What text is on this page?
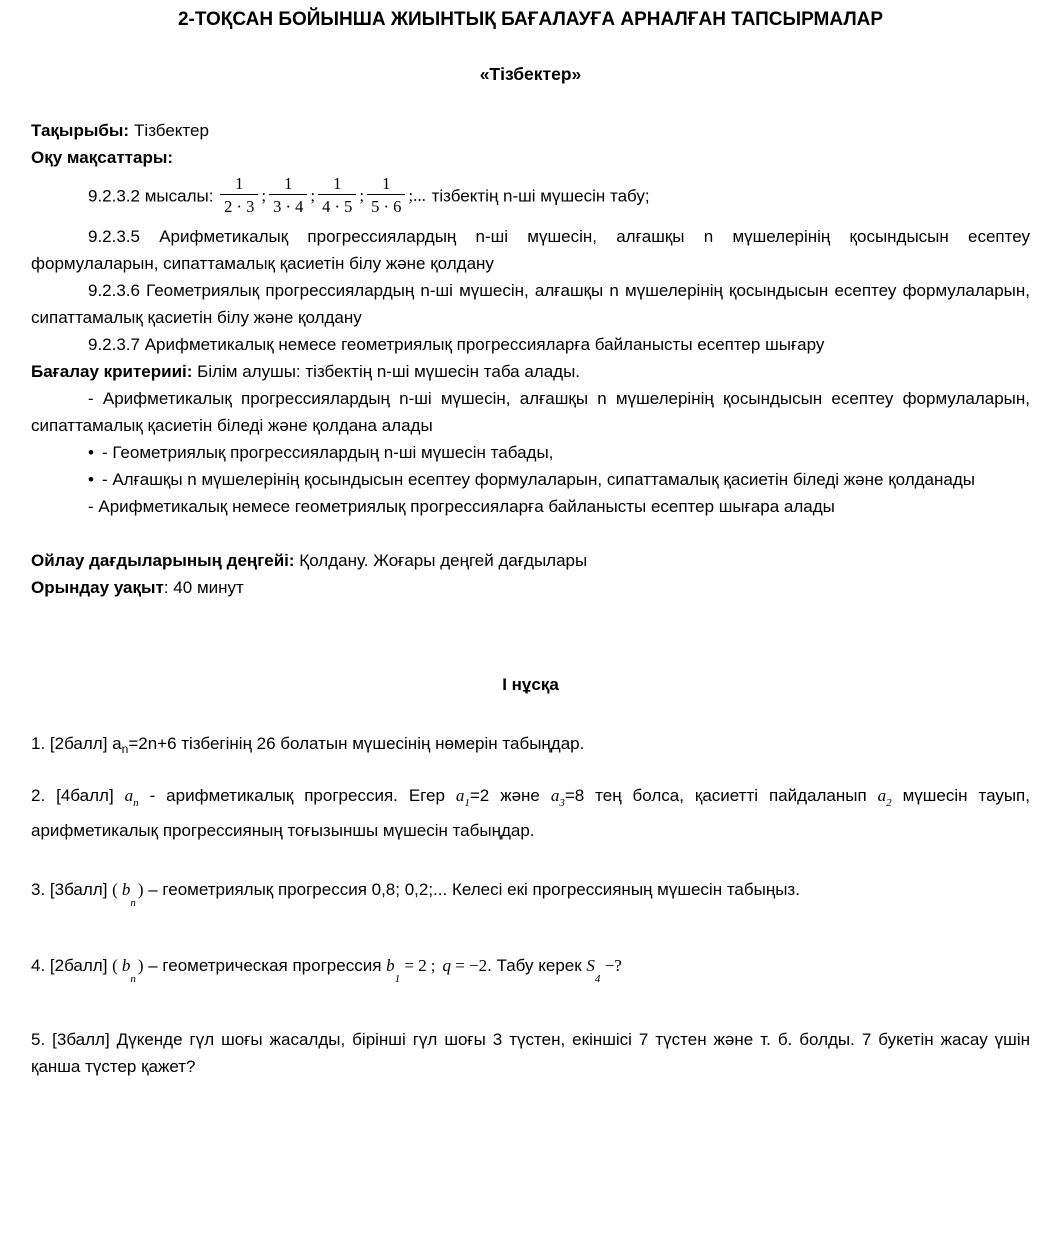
2-ТОҚСАН БОЙЫНША ЖИЫНТЫҚ БАҒАЛАУҒА АРНАЛҒАН ТАПСЫРМАЛАР

«Тізбектер»

Тақырыбы: Тізбектер

Оқу мақсаттары:

9.2.3.2 мысалы: $\frac{1}{2 \cdot 3}$ ; $\frac{1}{3 \cdot 4}$ ; $\frac{1}{4 \cdot 5}$ ; $\frac{1}{5 \cdot 6}$ ;... тізбектің n-ші мүшесін табу;

9.2.3.5 Арифметикалық прогрессиялардың n-ші мүшесін, алғашқы n мүшелерінің қосындысын есептеу формулаларын, сипаттамалық қасиетін білу және қолдану

9.2.3.6 Геометриялық прогрессиялардың n-ші мүшесін, алғашқы n мүшелерінің қосындысын есептеу формулаларын, сипаттамалық қасиетін білу және қолдану

9.2.3.7 Арифметикалық немесе геометриялық прогрессияларға байланысты есептер шығару

Бағалау критерииі: Білім алушы: тізбектің n-ші мүшесін таба алады.

- Арифметикалық прогрессиялардың n-ші мүшесін, алғашқы n мүшелерінің қосындысын есептеу формулаларын, сипаттамалық қасиетін біледі және қолдана алады

• - Геометриялық прогрессиялардың n-ші мүшесін табады,

• - Алғашқы n мүшелерінің қосындысын есептеу формулаларын, сипаттамалық қасиетін біледі және қолданады

- Арифметикалық немесе геометриялық прогрессияларға байланысты есептер шығара алады

Ойлау дағдыларының деңгейі: Қолдану. Жоғары деңгей дағдылары

Орындау уақыт: 40 минут

І нұсқа

1. [2балл] $a_n=2n+6$ тізбегінің 26 болатын мүшесінің нөмерін табыңдар.

2. [4балл] $a_n$ - арифметикалық прогрессия. Егер $a_1=2$ және $a_3=8$ тең болса, қасиетті пайдаланып $a_2$ мүшесін тауып, арифметикалық прогрессияның тоғызыншы мүшесін табыңдар.

3. [3балл] ( $b_n$) – геометриялық прогрессия 0,8; 0,2;... Келесі екі прогрессияның мүшесін табыңыз.

4. [2балл] ( $b_n$) – геометрическая прогрессия $b_1 = 2$ ; q = −2. Табу керек $S_4$ −?

5. [3балл] Дүкенде гүл шоғы жасалды, бірінші гүл шоғы 3 түстен, екіншісі 7 түстен және т. б. болды. 7 букетін жасау үшін қанша түстер қажет?
